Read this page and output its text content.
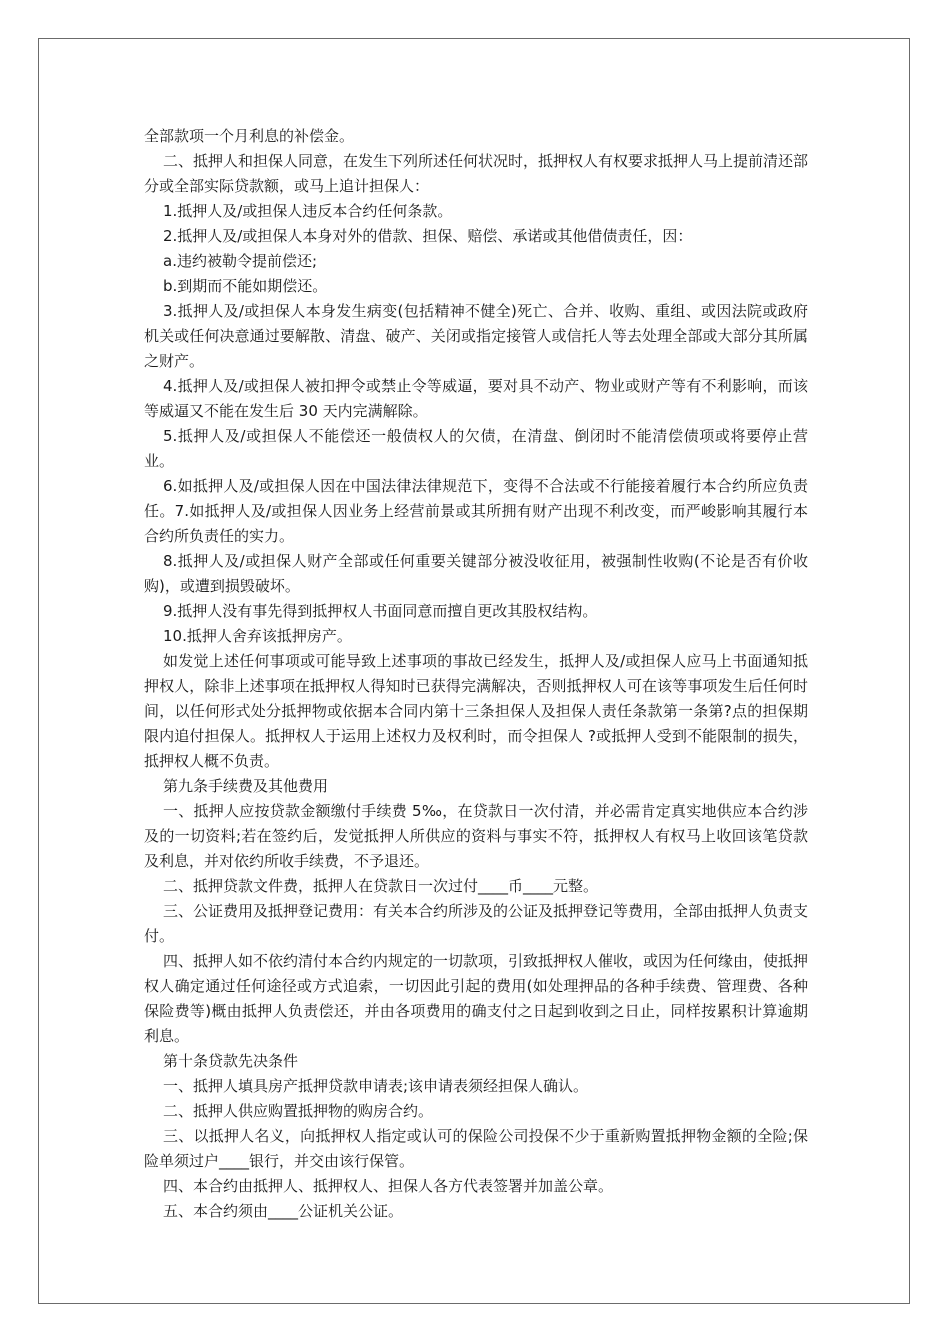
全部款项一个月利息的补偿金。

二、抵押人和担保人同意，在发生下列所述任何状况时，抵押权人有权要求抵押人马上提前清还部分或全部实际贷款额，或马上追计担保人：

1.抵押人及/或担保人违反本合约任何条款。

2.抵押人及/或担保人本身对外的借款、担保、赔偿、承诺或其他借债责任，因：

a.违约被勒令提前偿还;

b.到期而不能如期偿还。

3.抵押人及/或担保人本身发生病变(包括精神不健全)死亡、合并、收购、重组、或因法院或政府机关或任何决意通过要解散、清盘、破产、关闭或指定接管人或信托人等去处理全部或大部分其所属之财产。

4.抵押人及/或担保人被扣押令或禁止令等威逼，要对具不动产、物业或财产等有不利影响，而该等威逼又不能在发生后 30 天内完满解除。

5.抵押人及/或担保人不能偿还一般债权人的欠债，在清盘、倒闭时不能清偿债项或将要停止营业。

6.如抵押人及/或担保人因在中国法律法律规范下，变得不合法或不行能接着履行本合约所应负责任。7.如抵押人及/或担保人因业务上经营前景或其所拥有财产出现不利改变，而严峻影响其履行本合约所负责任的实力。

8.抵押人及/或担保人财产全部或任何重要关键部分被没收征用，被强制性收购(不论是否有价收购)，或遭到损毁破坏。

9.抵押人没有事先得到抵押权人书面同意而擅自更改其股权结构。

10.抵押人舍弃该抵押房产。

如发觉上述任何事项或可能导致上述事项的事故已经发生，抵押人及/或担保人应马上书面通知抵押权人，除非上述事项在抵押权人得知时已获得完满解决，否则抵押权人可在该等事项发生后任何时间，以任何形式处分抵押物或依据本合同内第十三条担保人及担保人责任条款第一条第?点的担保期限内追付担保人。抵押权人于运用上述权力及权利时，而令担保人 ?或抵押人受到不能限制的损失，抵押权人概不负责。

第九条手续费及其他费用

一、抵押人应按贷款金额缴付手续费 5‰，在贷款日一次付清，并必需肯定真实地供应本合约涉及的一切资料;若在签约后，发觉抵押人所供应的资料与事实不符，抵押权人有权马上收回该笔贷款及利息，并对依约所收手续费，不予退还。

二、抵押贷款文件费，抵押人在贷款日一次过付____币____元整。

三、公证费用及抵押登记费用：有关本合约所涉及的公证及抵押登记等费用，全部由抵押人负责支付。

四、抵押人如不依约清付本合约内规定的一切款项，引致抵押权人催收，或因为任何缘由，使抵押权人确定通过任何途径或方式追索，一切因此引起的费用(如处理押品的各种手续费、管理费、各种保险费等)概由抵押人负责偿还，并由各项费用的确支付之日起到收到之日止，同样按累积计算逾期利息。

第十条贷款先决条件

一、抵押人填具房产抵押贷款申请表;该申请表须经担保人确认。

二、抵押人供应购置抵押物的购房合约。

三、以抵押人名义，向抵押权人指定或认可的保险公司投保不少于重新购置抵押物金额的全险;保险单须过户____银行，并交由该行保管。

四、本合约由抵押人、抵押权人、担保人各方代表签署并加盖公章。

五、本合约须由____公证机关公证。
